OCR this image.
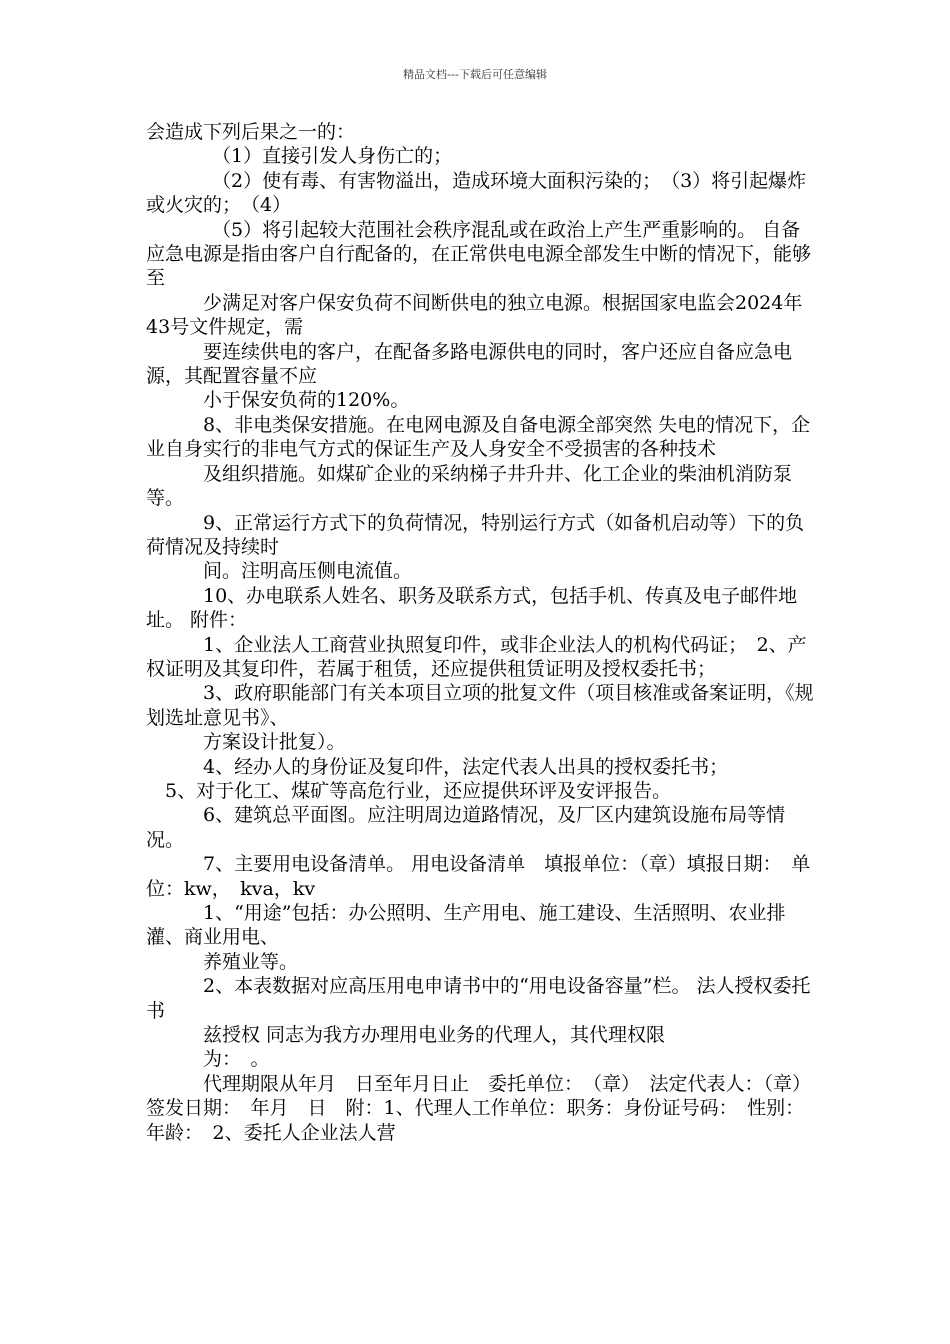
精品文档---下载后可任意编辑

会造成下列后果之一的：

（1）直接引发人身伤亡的；

（2）使有毒、有害物溢出，造成环境大面积污染的；　（3）将引起爆炸或火灾的；　（4）

（5）将引起较大范围社会秩序混乱或在政治上产生严重影响的。 自备应急电源是指由客户自行配备的，在正常供电电源全部发生中断的情况下，能够至

少满足对客户保安负荷不间断供电的独立电源。根据国家电监会2024年43号文件规定，需

要连续供电的客户，在配备多路电源供电的同时，客户还应自备应急电源，其配置容量不应

小于保安负荷的120%。

8、非电类保安措施。在电网电源及自备电源全部突然 失电的情况下，企业自身实行的非电气方式的保证生产及人身安全不受损害的各种技术

及组织措施。如煤矿企业的采纳梯子井升井、化工企业的柴油机消防泵等。

9、正常运行方式下的负荷情况，特别运行方式（如备机启动等）下的负荷情况及持续时

间。注明高压侧电流值。

10、办电联系人姓名、职务及联系方式，包括手机、传真及电子邮件地址。 附件：

1、企业法人工商营业执照复印件，或非企业法人的机构代码证；　2、产权证明及其复印件，若属于租赁，还应提供租赁证明及授权委托书；

3、政府职能部门有关本项目立项的批复文件（项目核准或备案证明，《规划选址意见书》、

方案设计批复）。

4、经办人的身份证及复印件，法定代表人出具的授权委托书；

5、对于化工、煤矿等高危行业，还应提供环评及安评报告。

6、建筑总平面图。应注明周边道路情况，及厂区内建筑设施布局等情况。

7、主要用电设备清单。 用电设备清单　填报单位：（章）填报日期：　单位：kw，　kva，kv

1、“用途”包括：办公照明、生产用电、施工建设、生活照明、农业排灌、商业用电、

养殖业等。

2、本表数据对应高压用电申请书中的“用电设备容量”栏。 法人授权委托书

兹授权 同志为我方办理用电业务的代理人，其代理权限

为：　。

代理期限从年月　日至年月日止　委托单位：　（章）　法定代表人：（章）　签发日期：　年月　日　附：1、代理人工作单位：职务：身份证号码：　性别：年龄：　2、委托人企业法人营
